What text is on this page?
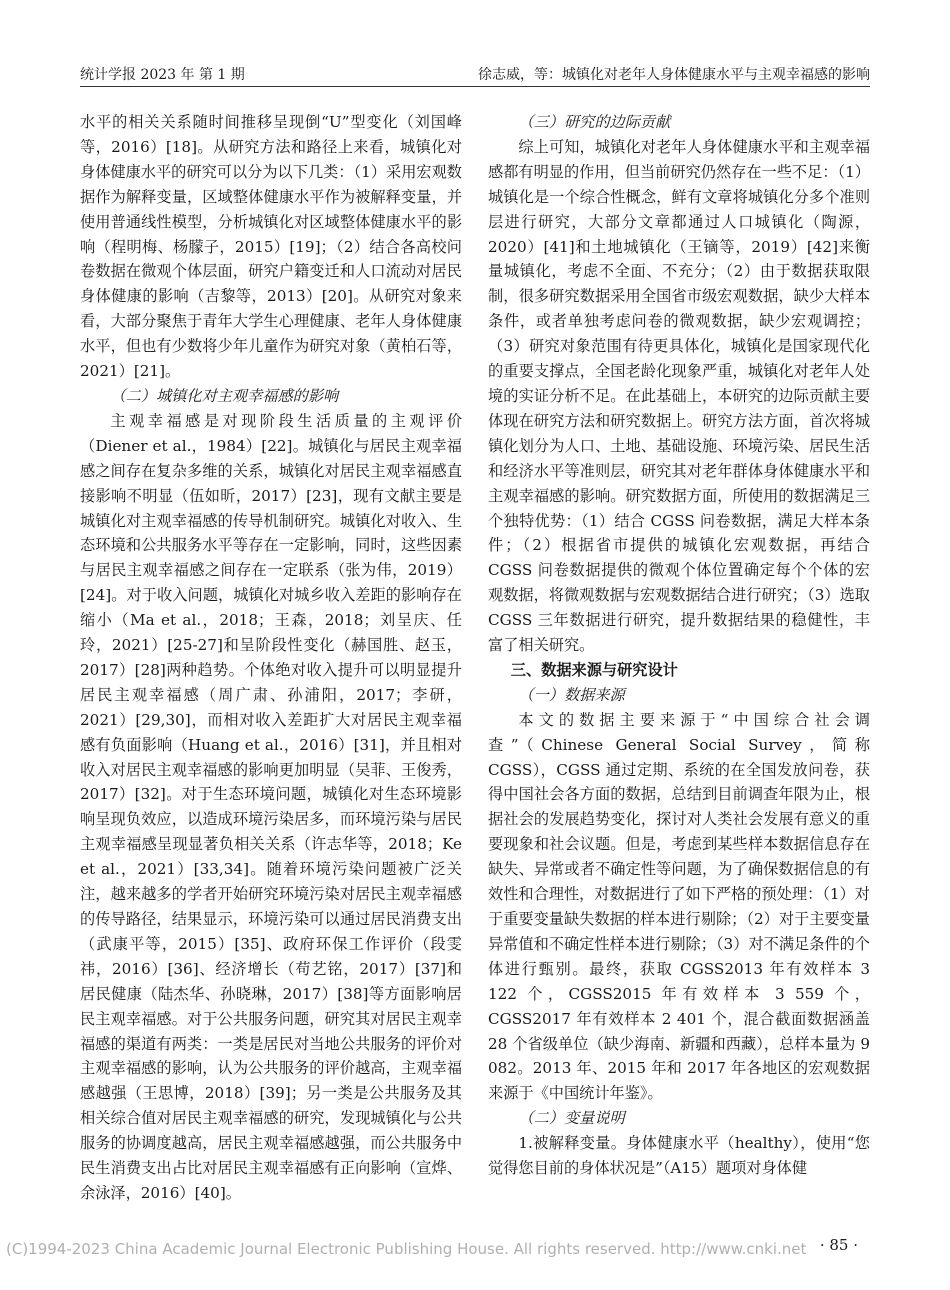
统计学报 2023 年 第 1 期	徐志威，等：城镇化对老年人身体健康水平与主观幸福感的影响

水平的相关关系随时间推移呈现倒“U”型变化（刘国峰等，2016）[18]。从研究方法和路径上来看，城镇化对身体健康水平的研究可以分为以下几类：（1）采用宏观数据作为解释变量，区域整体健康水平作为被解释变量，并使用普通线性模型，分析城镇化对区域整体健康水平的影响（程明梅、杨朦子，2015）[19]；（2）结合各高校问卷数据在微观个体层面，研究户籍变迁和人口流动对居民身体健康的影响（吉黎等，2013）[20]。从研究对象来看，大部分聚焦于青年大学生心理健康、老年人身体健康水平，但也有少数将少年儿童作为研究对象（黄柏石等，2021）[21]。

（二）城镇化对主观幸福感的影响

主观幸福感是对现阶段生活质量的主观评价（Diener et al.，1984）[22]。城镇化与居民主观幸福感之间存在复杂多维的关系，城镇化对居民主观幸福感直接影响不明显（伍如昕，2017）[23]，现有文献主要是城镇化对主观幸福感的传导机制研究。城镇化对收入、生态环境和公共服务水平等存在一定影响，同时，这些因素与居民主观幸福感之间存在一定联系（张为伟，2019）[24]。对于收入问题，城镇化对城乡收入差距的影响存在缩小（Ma et al.，2018；王森，2018；刘呈庆、任玲，2021）[25-27]和呈阶段性变化（赫国胜、赵玉，2017）[28]两种趋势。个体绝对收入提升可以明显提升居民主观幸福感（周广肃、孙浦阳，2017；李研，2021）[29,30]，而相对收入差距扩大对居民主观幸福感有负面影响（Huang et al.，2016）[31]，并且相对收入对居民主观幸福感的影响更加明显（吴菲、王俊秀，2017）[32]。对于生态环境问题，城镇化对生态环境影响呈现负效应，以造成环境污染居多，而环境污染与居民主观幸福感呈现显著负相关关系（许志华等，2018；Ke et al.，2021）[33,34]。随着环境污染问题被广泛关注，越来越多的学者开始研究环境污染对居民主观幸福感的传导路径，结果显示，环境污染可以通过居民消费支出（武康平等，2015）[35]、政府环保工作评价（段雯祎，2016）[36]、经济增长（苟艺铭，2017）[37]和居民健康（陆杰华、孙晓琳，2017）[38]等方面影响居民主观幸福感。对于公共服务问题，研究其对居民主观幸福感的渠道有两类：一类是居民对当地公共服务的评价对主观幸福感的影响，认为公共服务的评价越高，主观幸福感越强（王思博，2018）[39]；另一类是公共服务及其相关综合值对居民主观幸福感的研究，发现城镇化与公共服务的协调度越高，居民主观幸福感越强，而公共服务中民生消费支出占比对居民主观幸福感有正向影响（宣烨、余泳泽，2016）[40]。

（三）研究的边际贡献

综上可知，城镇化对老年人身体健康水平和主观幸福感都有明显的作用，但当前研究仍然存在一些不足：（1）城镇化是一个综合性概念，鲜有文章将城镇化分多个准则层进行研究，大部分文章都通过人口城镇化（陶源，2020）[41]和土地城镇化（王镝等，2019）[42]来衡量城镇化，考虑不全面、不充分；（2）由于数据获取限制，很多研究数据采用全国省市级宏观数据，缺少大样本条件，或者单独考虑问卷的微观数据，缺少宏观调控；（3）研究对象范围有待更具体化，城镇化是国家现代化的重要支撑点，全国老龄化现象严重，城镇化对老年人处境的实证分析不足。在此基础上，本研究的边际贡献主要体现在研究方法和研究数据上。研究方法方面，首次将城镇化划分为人口、土地、基础设施、环境污染、居民生活和经济水平等准则层，研究其对老年群体身体健康水平和主观幸福感的影响。研究数据方面，所使用的数据满足三个独特优势：（1）结合 CGSS 问卷数据，满足大样本条件；（2）根据省市提供的城镇化宏观数据，再结合 CGSS 问卷数据提供的微观个体位置确定每个个体的宏观数据，将微观数据与宏观数据结合进行研究；（3）选取 CGSS 三年数据进行研究，提升数据结果的稳健性，丰富了相关研究。

三、数据来源与研究设计

（一）数据来源

本文的数据主要来源于“中国综合社会调查”（Chinese General Social Survey，简称 CGSS），CGSS 通过定期、系统的在全国发放问卷，获得中国社会各方面的数据，总结到目前调查年限为止，根据社会的发展趋势变化，探讨对人类社会发展有意义的重要现象和社会议题。但是，考虑到某些样本数据信息存在缺失、异常或者不确定性等问题，为了确保数据信息的有效性和合理性，对数据进行了如下严格的预处理：（1）对于重要变量缺失数据的样本进行剔除；（2）对于主要变量异常值和不确定性样本进行剔除；（3）对不满足条件的个体进行甄别。最终，获取 CGSS2013 年有效样本 3 122 个，CGSS2015 年有效样本 3 559 个，CGSS2017 年有效样本 2 401 个，混合截面数据涵盖 28 个省级单位（缺少海南、新疆和西藏），总样本量为 9 082。2013 年、2015 年和 2017 年各地区的宏观数据来源于《中国统计年鉴》。

（二）变量说明

1.被解释变量。身体健康水平（healthy），使用“您觉得您目前的身体状况是”（A15）题项对身体健

(C)1994-2023 China Academic Journal Electronic Publishing House. All rights reserved. http://www.cnki.net · 85 ·
